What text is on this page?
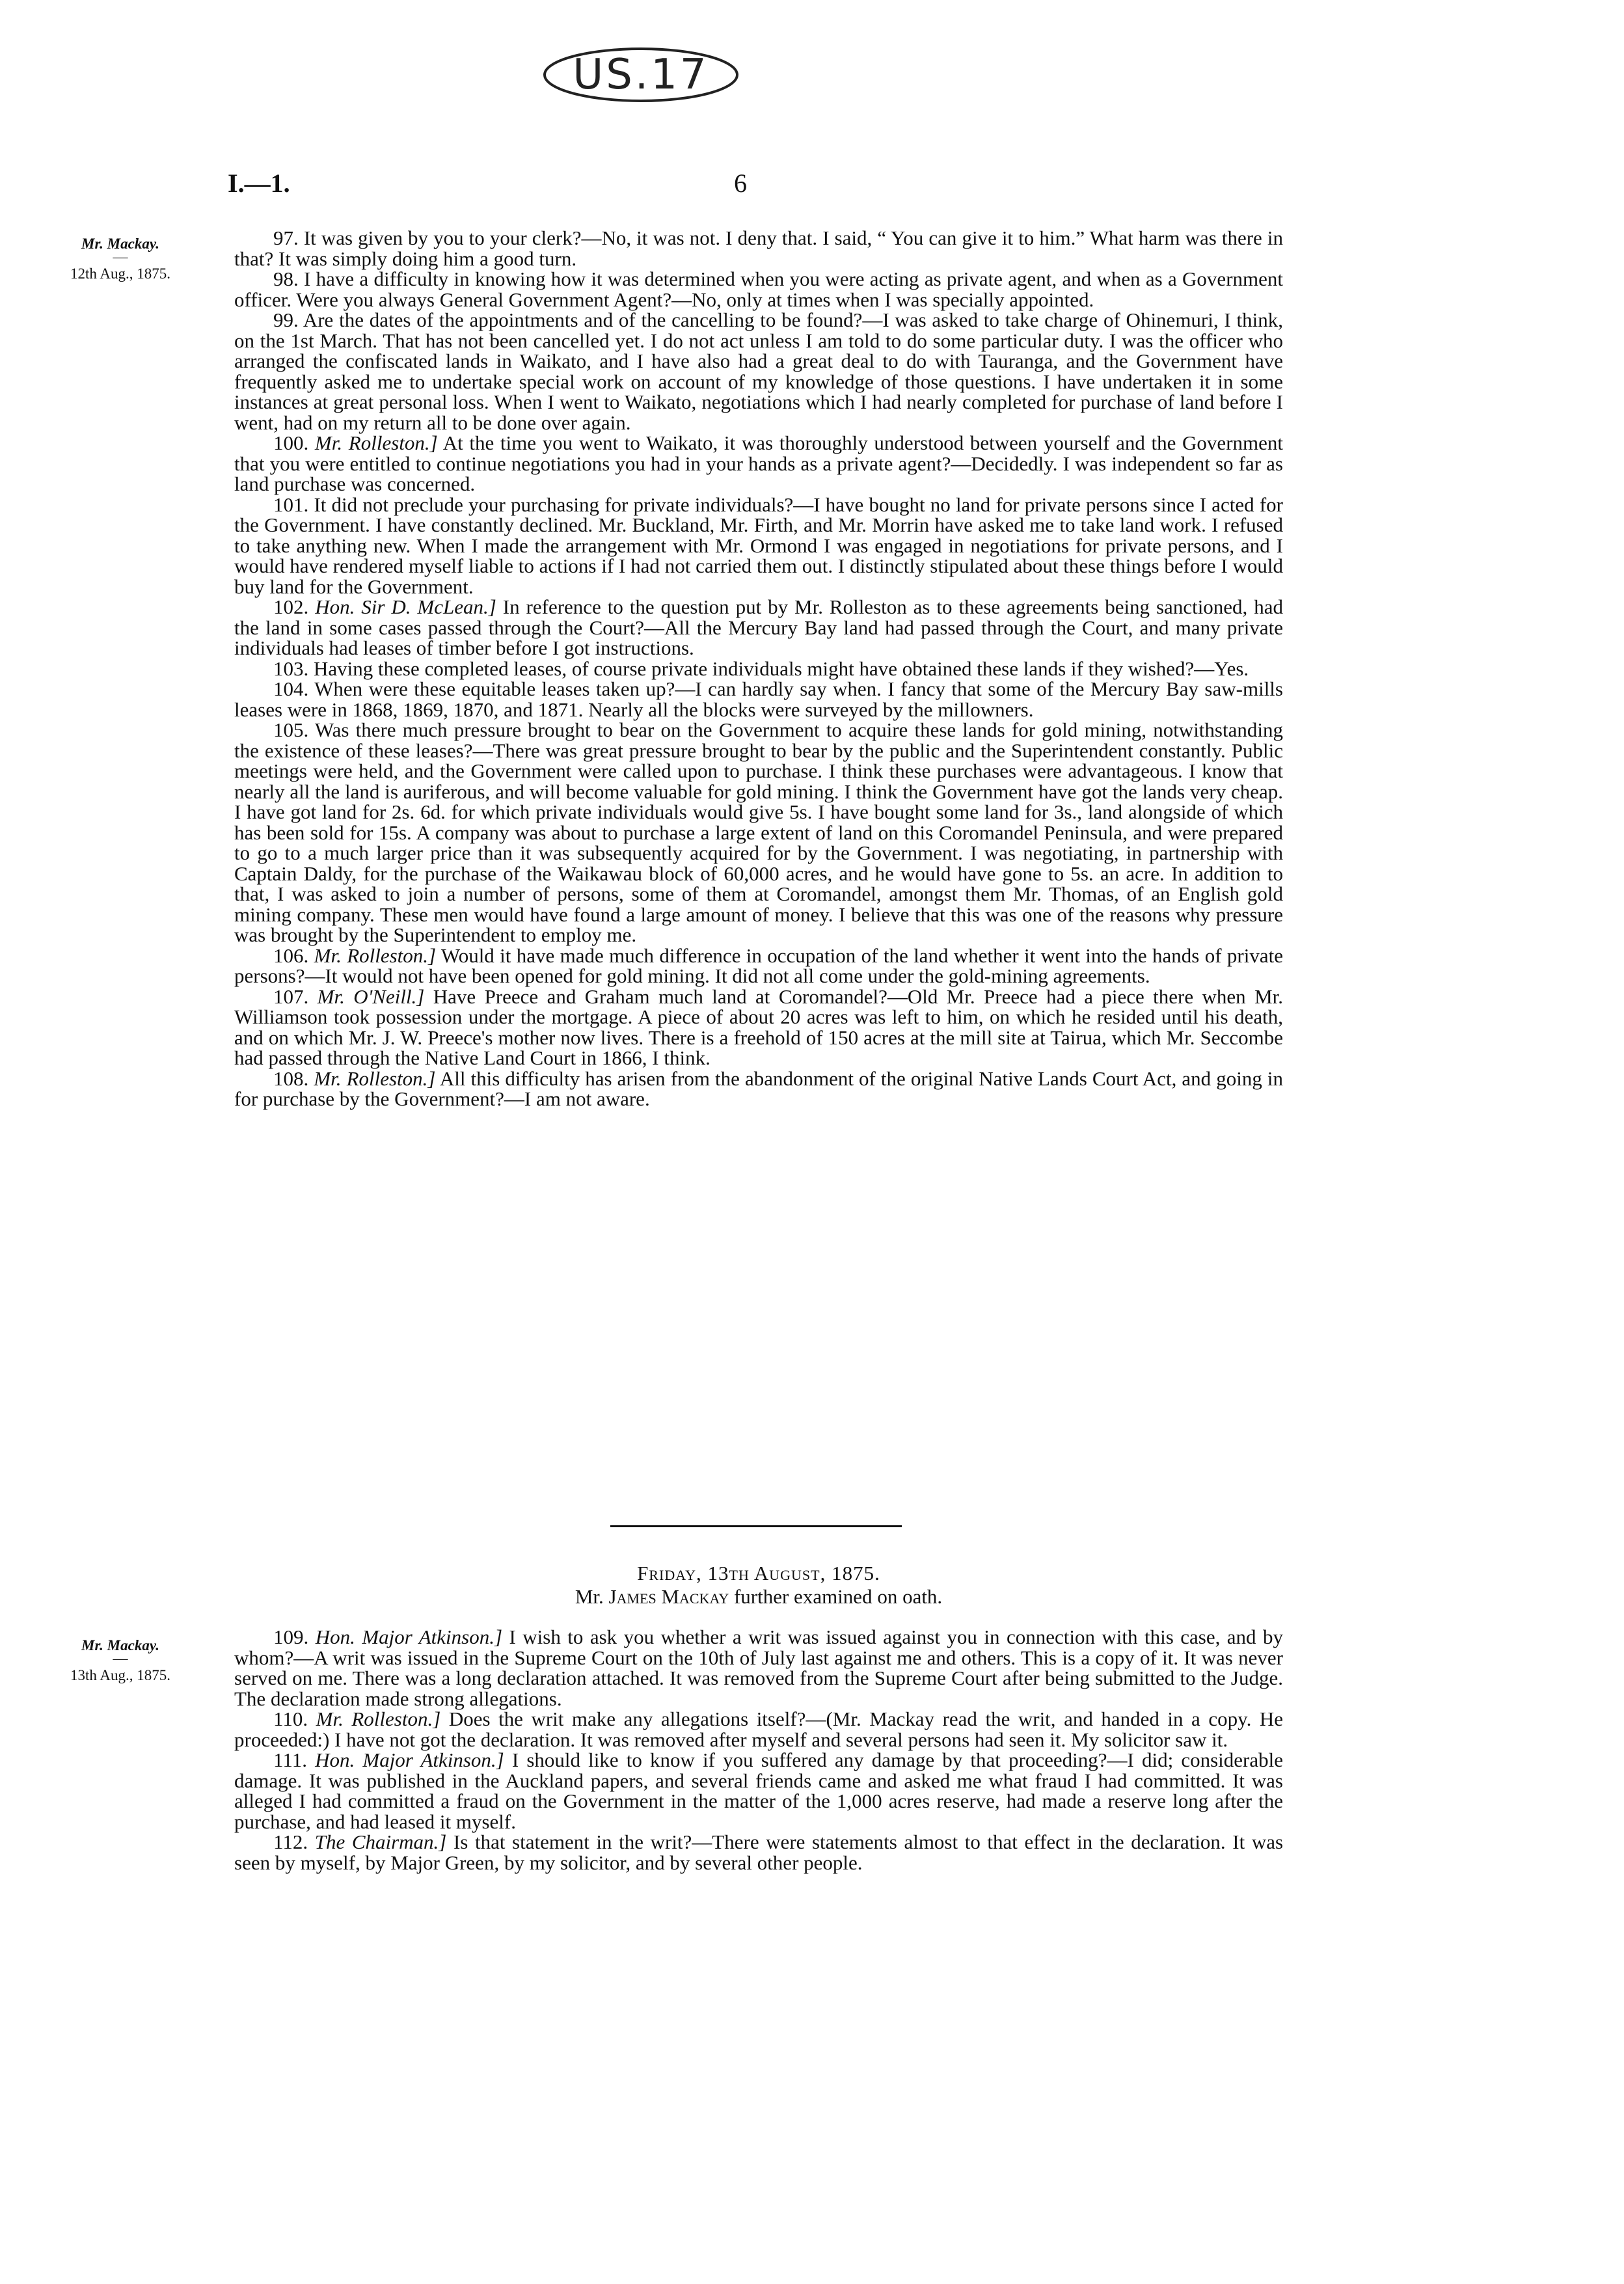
US.17
I.—1.	6
Mr. Mackay.
—
12th Aug., 1875.
Mr. Mackay.
—
13th Aug., 1875.

97. It was given by you to your clerk?—No, it was not. I deny that. I said, “ You can give it to him.” What harm was there in that? It was simply doing him a good turn.

98. I have a difficulty in knowing how it was determined when you were acting as private agent, and when as a Government officer. Were you always General Government Agent?—No, only at times when I was specially appointed.

99. Are the dates of the appointments and of the cancelling to be found?—I was asked to take charge of Ohinemuri, I think, on the 1st March. That has not been cancelled yet. I do not act unless I am told to do some particular duty. I was the officer who arranged the confiscated lands in Waikato, and I have also had a great deal to do with Tauranga, and the Government have frequently asked me to undertake special work on account of my knowledge of those questions. I have undertaken it in some instances at great personal loss. When I went to Waikato, negotiations which I had nearly completed for purchase of land before I went, had on my return all to be done over again.

100. Mr. Rolleston.] At the time you went to Waikato, it was thoroughly understood between yourself and the Government that you were entitled to continue negotiations you had in your hands as a private agent?—Decidedly. I was independent so far as land purchase was concerned.

101. It did not preclude your purchasing for private individuals?—I have bought no land for private persons since I acted for the Government. I have constantly declined. Mr. Buckland, Mr. Firth, and Mr. Morrin have asked me to take land work. I refused to take anything new. When I made the arrangement with Mr. Ormond I was engaged in negotiations for private persons, and I would have rendered myself liable to actions if I had not carried them out. I distinctly stipulated about these things before I would buy land for the Government.

102. Hon. Sir D. McLean.] In reference to the question put by Mr. Rolleston as to these agreements being sanctioned, had the land in some cases passed through the Court?—All the Mercury Bay land had passed through the Court, and many private individuals had leases of timber before I got instructions.

103. Having these completed leases, of course private individuals might have obtained these lands if they wished?—Yes.

104. When were these equitable leases taken up?—I can hardly say when. I fancy that some of the Mercury Bay saw-mills leases were in 1868, 1869, 1870, and 1871. Nearly all the blocks were surveyed by the millowners.

105. Was there much pressure brought to bear on the Government to acquire these lands for gold mining, notwithstanding the existence of these leases?—There was great pressure brought to bear by the public and the Superintendent constantly. Public meetings were held, and the Government were called upon to purchase. I think these purchases were advantageous. I know that nearly all the land is auriferous, and will become valuable for gold mining. I think the Government have got the lands very cheap. I have got land for 2s. 6d. for which private individuals would give 5s. I have bought some land for 3s., land alongside of which has been sold for 15s. A company was about to purchase a large extent of land on this Coromandel Peninsula, and were prepared to go to a much larger price than it was subsequently acquired for by the Government. I was negotiating, in partnership with Captain Daldy, for the purchase of the Waikawau block of 60,000 acres, and he would have gone to 5s. an acre. In addition to that, I was asked to join a number of persons, some of them at Coromandel, amongst them Mr. Thomas, of an English gold mining company. These men would have found a large amount of money. I believe that this was one of the reasons why pressure was brought by the Superintendent to employ me.

106. Mr. Rolleston.] Would it have made much difference in occupation of the land whether it went into the hands of private persons?—It would not have been opened for gold mining. It did not all come under the gold-mining agreements.

107. Mr. O'Neill.] Have Preece and Graham much land at Coromandel?—Old Mr. Preece had a piece there when Mr. Williamson took possession under the mortgage. A piece of about 20 acres was left to him, on which he resided until his death, and on which Mr. J. W. Preece's mother now lives. There is a freehold of 150 acres at the mill site at Tairua, which Mr. Seccombe had passed through the Native Land Court in 1866, I think.

108. Mr. Rolleston.] All this difficulty has arisen from the abandonment of the original Native Lands Court Act, and going in for purchase by the Government?—I am not aware.

Friday, 13th August, 1875.
Mr. James Mackay further examined on oath.

109. Hon. Major Atkinson.] I wish to ask you whether a writ was issued against you in connection with this case, and by whom?—A writ was issued in the Supreme Court on the 10th of July last against me and others. This is a copy of it. It was never served on me. There was a long declaration attached. It was removed from the Supreme Court after being submitted to the Judge. The declaration made strong allegations.

110. Mr. Rolleston.] Does the writ make any allegations itself?—(Mr. Mackay read the writ, and handed in a copy. He proceeded:) I have not got the declaration. It was removed after myself and several persons had seen it. My solicitor saw it.

111. Hon. Major Atkinson.] I should like to know if you suffered any damage by that proceeding?—I did; considerable damage. It was published in the Auckland papers, and several friends came and asked me what fraud I had committed. It was alleged I had committed a fraud on the Government in the matter of the 1,000 acres reserve, had made a reserve long after the purchase, and had leased it myself.

112. The Chairman.] Is that statement in the writ?—There were statements almost to that effect in the declaration. It was seen by myself, by Major Green, by my solicitor, and by several other people.
